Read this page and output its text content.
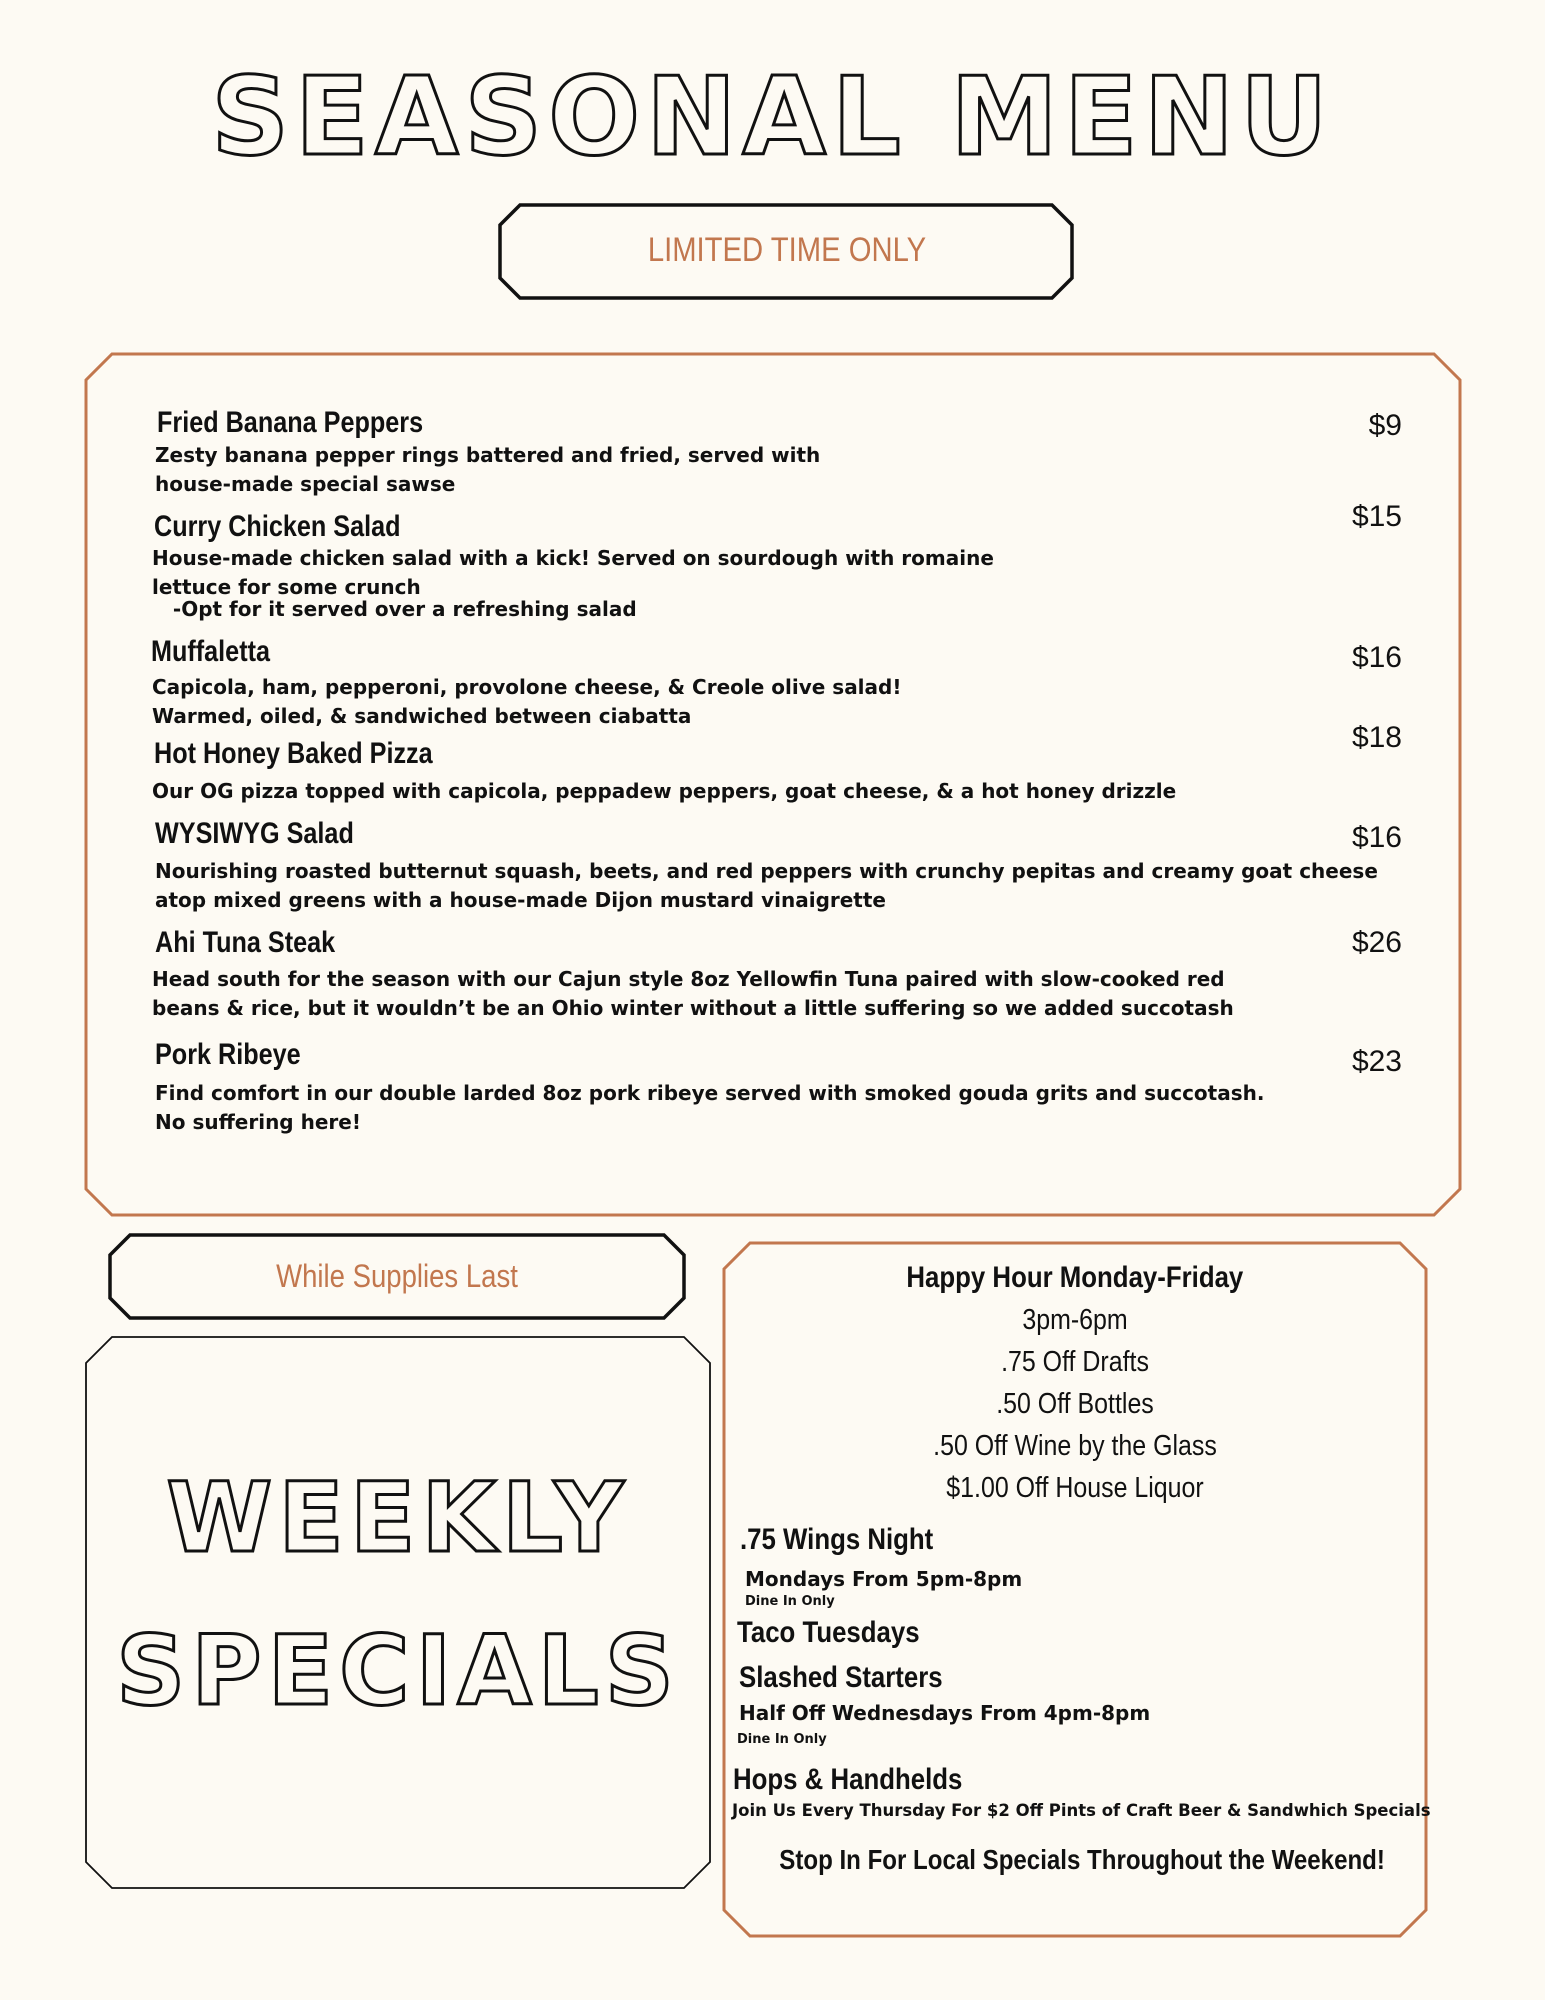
SEASONAL MENU
LIMITED TIME ONLY
Fried Banana Peppers	$9
Zesty banana pepper rings battered and fried, served with
house-made special sawse
Curry Chicken Salad	$15
House-made chicken salad with a kick! Served on sourdough with romaine
lettuce for some crunch
-Opt for it served over a refreshing salad
Muffaletta	$16
Capicola, ham, pepperoni, provolone cheese, & Creole olive salad!
Warmed, oiled, & sandwiched between ciabatta
Hot Honey Baked Pizza	$18
Our OG pizza topped with capicola, peppadew peppers, goat cheese, & a hot honey drizzle
WYSIWYG Salad	$16
Nourishing roasted butternut squash, beets, and red peppers with crunchy pepitas and creamy goat cheese
atop mixed greens with a house-made Dijon mustard vinaigrette
Ahi Tuna Steak	$26
Head south for the season with our Cajun style 8oz Yellowfin Tuna paired with slow-cooked red
beans & rice, but it wouldn’t be an Ohio winter without a little suffering so we added succotash
Pork Ribeye	$23
Find comfort in our double larded 8oz pork ribeye served with smoked gouda grits and succotash.
No suffering here!
While Supplies Last
WEEKLY
SPECIALS
Happy Hour Monday-Friday
3pm-6pm
.75 Off Drafts
.50 Off Bottles
.50 Off Wine by the Glass
$1.00 Off House Liquor
.75 Wings Night
Mondays From 5pm-8pm
Dine In Only
Taco Tuesdays
Slashed Starters
Half Off Wednesdays From 4pm-8pm
Dine In Only
Hops & Handhelds
Join Us Every Thursday For $2 Off Pints of Craft Beer & Sandwhich Specials
Stop In For Local Specials Throughout the Weekend!
